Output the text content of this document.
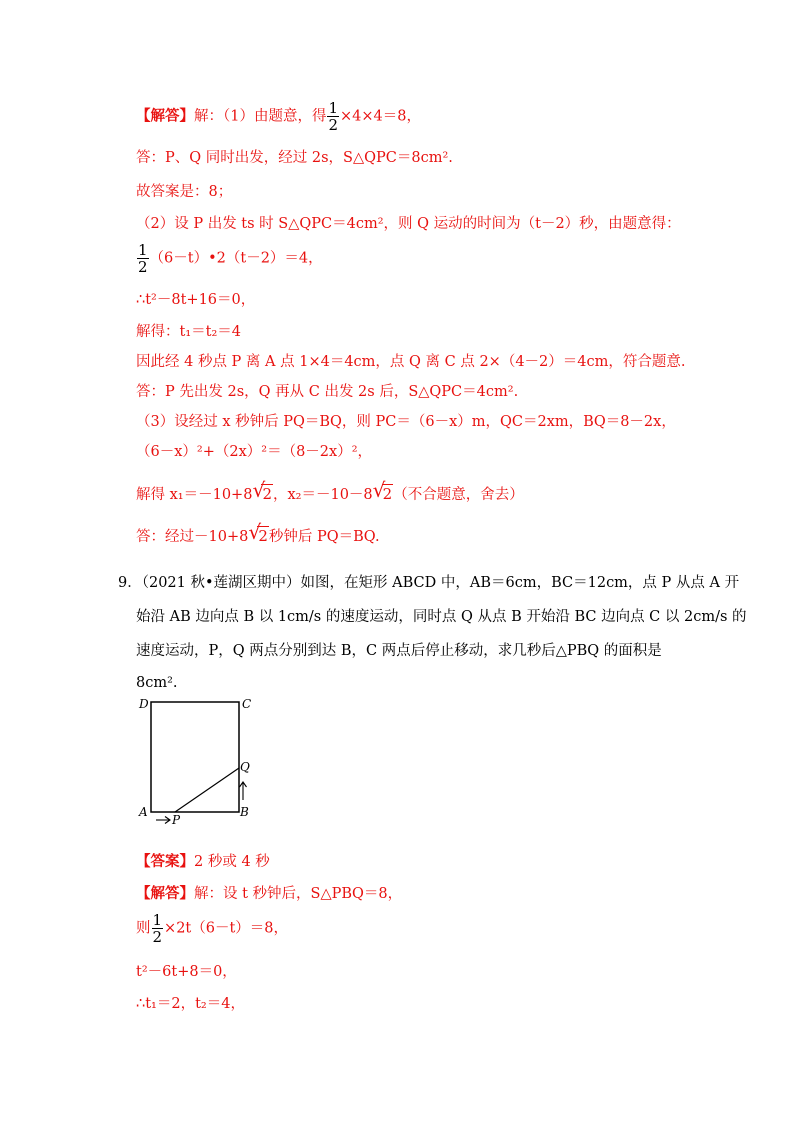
【解答】解：（1）由题意，得 $\frac{1}{2} \times 4\times 4=8$，
答：P、Q 同时出发，经过 2s，S△QPC＝8cm².
故答案是：8；
（2）设 P 出发 ts 时 S△QPC＝4cm²，则 Q 运动的时间为（t－2）秒，由题意得：
$\frac{1}{2}$ （6－t）•2（t－2）＝4，
∴t²－8t+16＝0，
解得：t₁＝t₂＝4
因此经 4 秒点 P 离 A 点 1×4＝4cm，点 Q 离 C 点 2×（4－2）＝4cm，符合题意.
答：P 先出发 2s，Q 再从 C 出发 2s 后，S△QPC＝4cm².
（3）设经过 x 秒钟后 PQ＝BQ，则 PC＝（6－x）m，QC＝2xm，BQ＝8－2x，
（6－x）²+（2x）²＝（8－2x）²，
解得 x₁＝－10+8 √
2，x₂＝－10－8 √
2（不合题意，舍去）
答：经过－10+8 √
2秒钟后 PQ＝BQ.
9．（2021 秋•莲湖区期中）如图，在矩形 ABCD 中，AB＝6cm，BC＝12cm，点 P 从点 A 开
始沿 AB 边向点 B 以 1cm/s 的速度运动，同时点 Q 从点 B 开始沿 BC 边向点 C 以 2cm/s 的
速度运动，P，Q 两点分别到达 B，C 两点后停止移动，求几秒后△PBQ 的面积是
8cm².
D	C
Q
A
P
B
【答案】2 秒或 4 秒
【解答】解：设 t 秒钟后，S△PBQ＝8，
则 $\frac{1}{2} \times 2t(6-t)=8$，
t²－6t+8＝0，
∴t₁＝2，t₂＝4，
